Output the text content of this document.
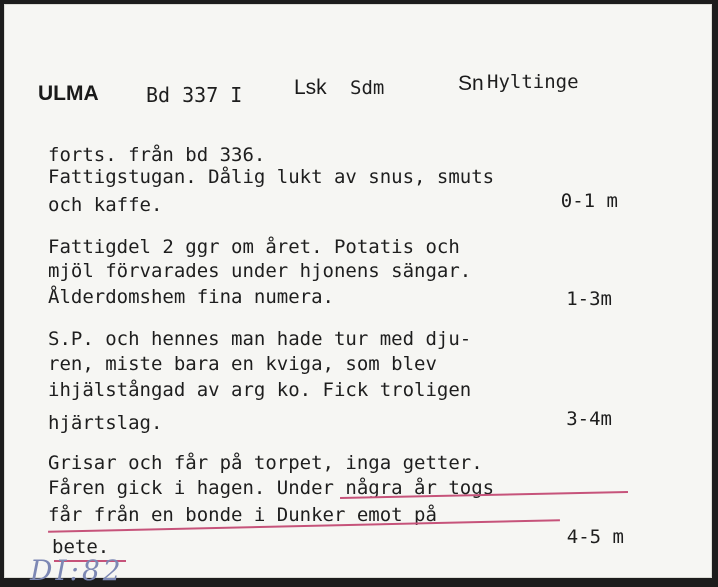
ULMA Bd 337 I Lsk Sdm	Sn Hyltinge
forts. från bd 336.
Fattigstugan. Dålig lukt av snus, smuts
och kaffe.	0-1 m
Fattigdel 2 ggr om året. Potatis och
mjöl förvarades under hjonens sängar.
Ålderdomshem fina numera.	1-3m
S.P. och hennes man hade tur med dju-
ren, miste bara en kviga, som blev
ihjälstångad av arg ko. Fick troligen
hjärtslag.	3-4m
Grisar och får på torpet, inga getter.
Fåren gick i hagen. Under några år togs
får från en bonde i Dunker emot på
bete.	4-5 m
DI:82
